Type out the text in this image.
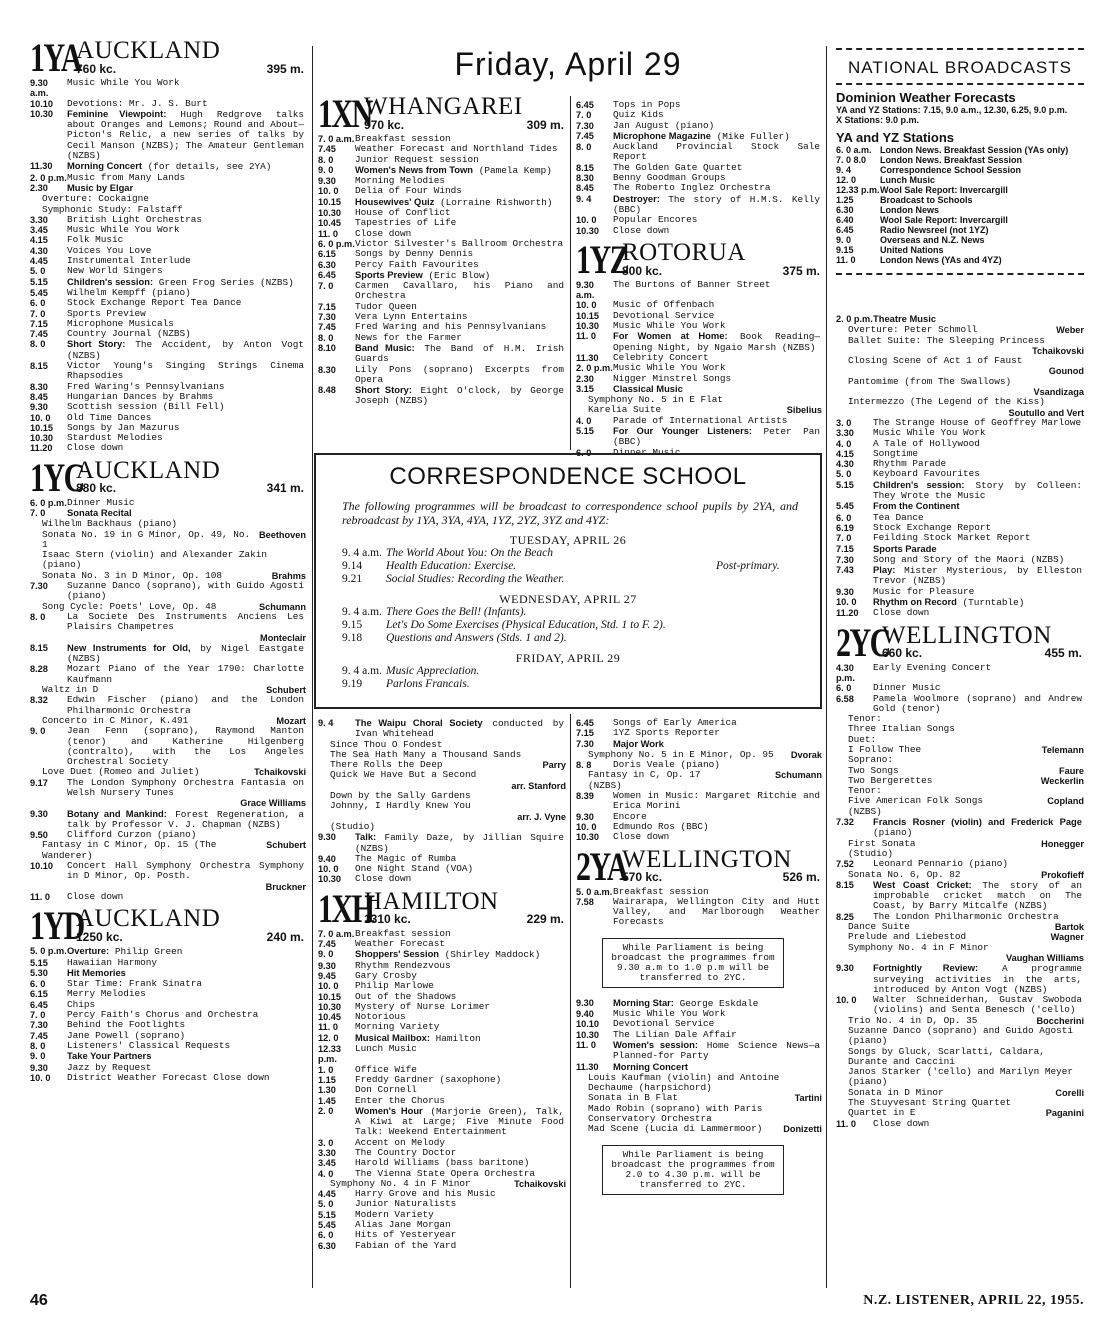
Friday, April 29
1YA
AUCKLAND
760 kc.	395 m.
9.30 a.m.
Music While You Work
10.10	Devotions: Mr. J. S. Burt
10.30	Feminine Viewpoint: Hugh Redgrove talks about Oranges and Lemons; Round and About—Picton's Relic, a new series of talks by Cecil Manson (NZBS); The Amateur Gentleman (NZBS)
11.30	Morning Concert (for details, see 2YA)
2. 0 p.m. Music from Many Lands
2.30	Music by Elgar
Overture: Cockaigne
Symphonic Study: Falstaff
3.30	British Light Orchestras
3.45	Music While You Work
4.15	Folk Music
4.30	Voices You Love
4.45	Instrumental Interlude
5. 0	New World Singers
5.15	Children's session: Green Frog Series (NZBS)
5.45	Wilhelm Kempff (piano)
6. 0	Stock Exchange Report Tea Dance
7. 0	Sports Preview
7.15	Microphone Musicals
7.45	Country Journal (NZBS)
8. 0	Short Story: The Accident, by Anton Vogt (NZBS)
8.15	Victor Young's Singing Strings Cinema Rhapsodies
8.30	Fred Waring's Pennsylvanians
8.45	Hungarian Dances by Brahms
9.30	Scottish session (Bill Fell)
10. 0	Old Time Dances
10.15	Songs by Jan Mazurus
10.30	Stardust Melodies
11.20	Close down
1YC
AUCKLAND
880 kc.	341 m.
6. 0 p.m. Dinner Music
7. 0	Sonata Recital
Wilhelm Backhaus (piano)
Sonata No. 19 in G Minor, Op. 49, No. 1
Beethoven
Isaac Stern (violin) and Alexander Zakin (piano)
Sonata No. 3 in D Minor, Op. 108	Brahms
7.30	Suzanne Danco (soprano), with Guido Agosti (piano)
Song Cycle: Poets' Love, Op. 48	Schumann
8. 0	La Societe Des Instruments Anciens Les Plaisirs Champetres
Monteclair
8.15	New Instruments for Old, by Nigel Eastgate (NZBS)
8.28	Mozart Piano of the Year 1790: Charlotte Kaufmann
Waltz in D	Schubert
8.32	Edwin Fischer (piano) and the London Philharmonic Orchestra
Concerto in C Minor, K.491	Mozart
9. 0	Jean Fenn (soprano), Raymond Manton (tenor) and Katherine Hilgenberg (contralto), with the Los Angeles Orchestral Society
Love Duet (Romeo and Juliet)	Tchaikovski
9.17	The London Symphony Orchestra Fantasia on Welsh Nursery Tunes
Grace Williams
9.30	Botany and Mankind: Forest Regeneration, a talk by Professor V. J. Chapman (NZBS)
9.50	Clifford Curzon (piano)
Fantasy in C Minor, Op. 15 (The Wanderer)
Schubert
10.10	Concert Hall Symphony Orchestra Symphony in D Minor, Op. Posth.
Bruckner
11. 0	Close down
1YD
AUCKLAND
1250 kc.	240 m.
5. 0 p.m. Overture: Philip Green
5.15	Hawaiian Harmony
5.30	Hit Memories
6. 0	Star Time: Frank Sinatra
6.15	Merry Melodies
6.45	Chips
7. 0	Percy Faith's Chorus and Orchestra
7.30	Behind the Footlights
7.45	Jane Powell (soprano)
8. 0	Listeners' Classical Requests
9. 0	Take Your Partners
9.30	Jazz by Request
10. 0	District Weather Forecast Close down
1XN
WHANGAREI
970 kc.	309 m.
7. 0 a.m. Breakfast session
7.45	Weather Forecast and Northland Tides
8. 0	Junior Request session
9. 0	Women's News from Town (Pamela Kemp)
9.30	Morning Melodies
10. 0	Delia of Four Winds
10.15	Housewives' Quiz (Lorraine Rishworth)
10.30	House of Conflict
10.45	Tapestries of Life
11. 0	Close down
6. 0 p.m. Victor Silvester's Ballroom Orchestra
6.15	Songs by Denny Dennis
6.30	Percy Faith Favourites
6.45	Sports Preview (Eric Blow)
7. 0	Carmen Cavallaro, his Piano and Orchestra
7.15	Tudor Queen
7.30	Vera Lynn Entertains
7.45	Fred Waring and his Pennsylvanians
8. 0	News for the Farmer
8.10	Band Music: The Band of H.M. Irish Guards
8.30	Lily Pons (soprano) Excerpts from Opera
8.48	Short Story: Eight O'clock, by George Joseph (NZBS)
6.45	Tops in Pops
7. 0	Quiz Kids
7.30	Jan August (piano)
7.45	Microphone Magazine (Mike Fuller)
8. 0	Auckland Provincial Stock Sale Report
8.15	The Golden Gate Quartet
8.30	Benny Goodman Groups
8.45	The Roberto Inglez Orchestra
9. 4	Destroyer: The story of H.M.S. Kelly (BBC)
10. 0	Popular Encores
10.30	Close down
1YZ
ROTORUA
800 kc.	375 m.
9.30 a.m.
The Burtons of Banner Street
10. 0	Music of Offenbach
10.15	Devotional Service
10.30	Music While You Work
11. 0	For Women at Home: Book Reading—Opening Night, by Ngaio Marsh (NZBS)
11.30	Celebrity Concert
2. 0 p.m. Music While You Work
2.30	Nigger Minstrel Songs
3.15	Classical Music
Symphony No. 5 in E Flat
Karelia Suite	Sibelius
4. 0	Parade of International Artists
5.15	For Our Younger Listeners: Peter Pan (BBC)
6. 0	Dinner Music
CORRESPONDENCE SCHOOL
The following programmes will be broadcast to correspondence school pupils by 2YA, and rebroadcast by 1YA, 3YA, 4YA, 1YZ, 2YZ, 3YZ and 4YZ:
TUESDAY, APRIL 26
9. 4 a.m. The World About You: On the Beach
9.14	Health Education: Exercise.	Post-primary.
9.21	Social Studies: Recording the Weather.
WEDNESDAY, APRIL 27
9. 4 a.m. There Goes the Bell! (Infants).
9.15	Let's Do Some Exercises (Physical Education, Std. 1 to F. 2).
9.18	Questions and Answers (Stds. 1 and 2).
FRIDAY, APRIL 29
9. 4 a.m. Music Appreciation.
9.19	Parlons Francais.
9. 4	The Waipu Choral Society conducted by Ivan Whitehead
Since Thou O Fondest
The Sea Hath Many a Thousand Sands
There Rolls the Deep	Parry
Quick We Have But a Second
arr. Stanford
Down by the Sally Gardens
Johnny, I Hardly Knew You
arr. J. Vyne
(Studio)
9.30	Talk: Family Daze, by Jillian Squire (NZBS)
9.40	The Magic of Rumba
10. 0	One Night Stand (VOA)
10.30	Close down
1XH
HAMILTON
1310 kc.	229 m.
7. 0 a.m. Breakfast session
7.45	Weather Forecast
9. 0	Shoppers' Session (Shirley Maddock)
9.30	Rhythm Rendezvous
9.45	Gary Crosby
10. 0	Philip Marlowe
10.15	Out of the Shadows
10.30	Mystery of Nurse Lorimer
10.45	Notorious
11. 0	Morning Variety
12. 0	Musical Mailbox: Hamilton
12.33 p.m.
Lunch Music
1. 0	Office Wife
1.15	Freddy Gardner (saxophone)
1.30	Don Cornell
1.45	Enter the Chorus
2. 0	Women's Hour (Marjorie Green), Talk, A Kiwi at Large; Five Minute Food Talk: Weekend Entertainment
3. 0	Accent on Melody
3.30	The Country Doctor
3.45	Harold Williams (bass baritone)
4. 0	The Vienna State Opera Orchestra
Symphony No. 4 in F Minor	Tchaikovski
4.45	Harry Grove and his Music
5. 0	Junior Naturalists
5.15	Modern Variety
5.45	Alias Jane Morgan
6. 0	Hits of Yesteryear
6.30	Fabian of the Yard
6.45	Songs of Early America
7.15	1YZ Sports Reporter
7.30	Major Work
Symphony No. 5 in E Minor, Op. 95 Dvorak
8. 8	Doris Veale (piano)
Fantasy in C, Op. 17	Schumann
(NZBS)
8.39	Women in Music: Margaret Ritchie and Erica Morini
9.30	Encore
10. 0	Edmundo Ros (BBC)
10.30	Close down
2YA
WELLINGTON
570 kc.	526 m.
5. 0 a.m. Breakfast session
7.58	Wairarapa, Wellington City and Hutt Valley, and Marlborough Weather Forecasts
While Parliament is being broadcast the programmes from 9.30 a.m to 1.0 p.m will be transferred to 2YC.
9.30	Morning Star: George Eskdale
9.40	Music While You Work
10.10	Devotional Service
10.30	The Lilian Dale Affair
11. 0	Women's session: Home Science News—a Planned-for Party
11.30	Morning Concert
Louis Kaufman (violin) and Antoine Dechaume (harpsichord)
Sonata in B Flat	Tartini
Mado Robin (soprano) with Paris Conservatory Orchestra
Mad Scene (Lucia di Lammermoor) Donizetti
While Parliament is being broadcast the programmes from 2.0 to 4.30 p.m. will be transferred to 2YC.
NATIONAL BROADCASTS
Dominion Weather Forecasts
YA and YZ Stations: 7.15, 9.0 a.m., 12.30, 6.25, 9.0 p.m.
X Stations: 9.0 p.m.
YA and YZ Stations
6. 0 a.m. London News. Breakfast Session (YAs only)
7. 0 8.0	London News. Breakfast Session
9. 4	Correspondence School Session
12. 0	Lunch Music
12.33 p.m. Wool Sale Report: Invercargill
1.25	Broadcast to Schools
6.30	London News
6.40	Wool Sale Report: Invercargill
6.45	Radio Newsreel (not 1YZ)
9. 0	Overseas and N.Z. News
9.15	United Nations
11. 0	London News (YAs and 4YZ)
2. 0 p.m. Theatre Music
Overture: Peter Schmoll	Weber
Ballet Suite: The Sleeping Princess
Tchaikovski
Closing Scene of Act 1 of Faust
Gounod
Pantomime (from The Swallows)
Vsandizaga
Intermezzo (The Legend of the Kiss)
Soutullo and Vert
3. 0	The Strange House of Geoffrey Marlowe
3.30	Music While You Work
4. 0	A Tale of Hollywood
4.15	Songtime
4.30	Rhythm Parade
5. 0	Keyboard Favourites
5.15	Children's session: Story by Colleen: They Wrote the Music
5.45	From the Continent
6. 0	Tea Dance
6.19	Stock Exchange Report
7. 0	Feilding Stock Market Report
7.15	Sports Parade
7.30	Song and Story of the Maori (NZBS)
7.43	Play: Mister Mysterious, by Elleston Trevor (NZBS)
9.30	Music for Pleasure
10. 0	Rhythm on Record (Turntable)
11.20	Close down
2YC
WELLINGTON
660 kc.	455 m.
4.30 p.m.
Early Evening Concert
6. 0	Dinner Music
6.58	Pamela Woolmore (soprano) and Andrew Gold (tenor)
Tenor:
Three Italian Songs
Duet:
I Follow Thee	Telemann
Soprano:
Two Songs	Faure
Two Bergerettes	Weckerlin
Tenor:
Five American Folk Songs	Copland
(NZBS)
7.32	Francis Rosner (violin) and Frederick Page (piano)
First Sonata	Honegger
(Studio)
7.52	Leonard Pennario (piano)
Sonata No. 6, Op. 82	Prokofieff
8.15	West Coast Cricket: The story of an improbable cricket match on The Coast, by Barry Mitcalfe (NZBS)
8.25	The London Philharmonic Orchestra
Dance Suite	Bartok
Prelude and Liebestod	Wagner
Symphony No. 4 in F Minor
Vaughan Williams
9.30	Fortnightly Review:	A programme surveying activities in the arts, introduced by Anton Vogt (NZBS)
10. 0	Walter Schneiderhan, Gustav Swoboda (violins) and Senta Benesch ('cello)
Trio No. 4 in D, Op. 35	Boccherini
Suzanne Danco (soprano) and Guido Agosti (piano)
Songs by Gluck, Scarlatti, Caldara, Durante and Caccini
Janos Starker ('cello) and Marilyn Meyer (piano)
Sonata in D Minor	Corelli
The Stuyvesant String Quartet
Quartet in E	Paganini
11. 0	Close down
46	N.Z. LISTENER, APRIL 22, 1955.
